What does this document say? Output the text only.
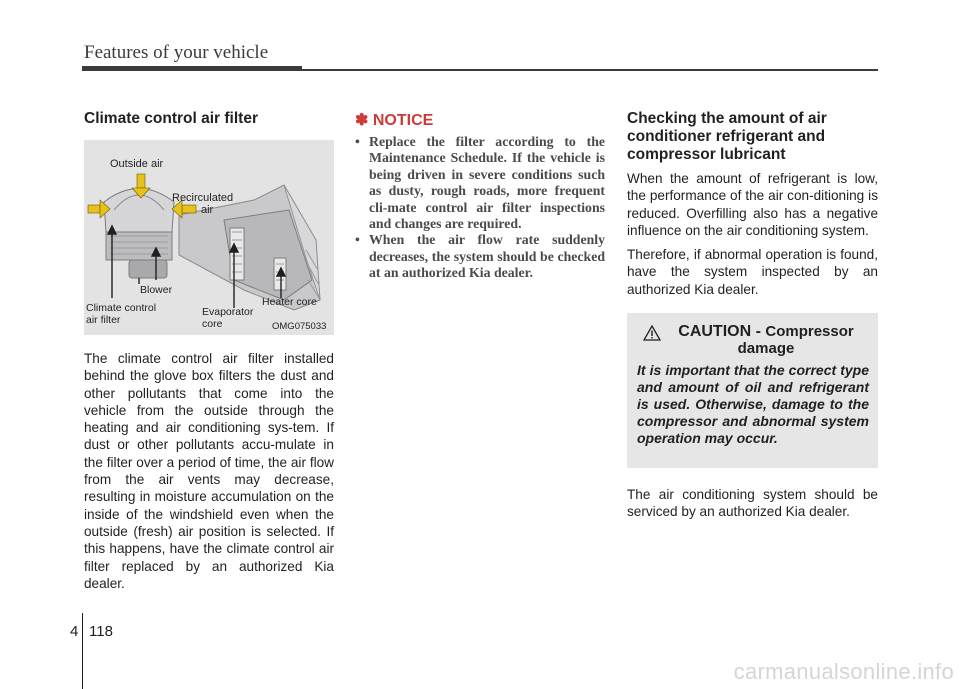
Features of your vehicle
Climate control air filter

The climate control air filter installed behind the glove box filters the dust and other pollutants that come into the vehicle from the outside through the heating and air conditioning sys-tem. If dust or other pollutants accu-mulate in the filter over a period of time, the air flow from the air vents may decrease, resulting in moisture accumulation on the inside of the windshield even when the outside (fresh) air position is selected. If this happens, have the climate control air filter replaced by an authorized Kia dealer.

Outside air
Recirculated
air
Blower
Climate control
air filter
Evaporator
core
Heater core
OMG075033
✽ NOTICE
• Replace the filter according to the Maintenance Schedule. If the vehicle is being driven in severe conditions such as dusty, rough roads, more frequent cli-mate control air filter inspections and changes are required.
• When the air flow rate suddenly decreases, the system should be checked at an authorized Kia dealer.
Checking the amount of air conditioner refrigerant and compressor lubricant

When the amount of refrigerant is low, the performance of the air con-ditioning is reduced. Overfilling also has a negative influence on the air conditioning system.

Therefore, if abnormal operation is found, have the system inspected by an authorized Kia dealer.

CAUTION - Compressor
damage

It is important that the correct type and amount of oil and refrigerant is used. Otherwise, damage to the compressor and abnormal system operation may occur.

The air conditioning system should be serviced by an authorized Kia dealer.

4 118
carmanualsonline.info
